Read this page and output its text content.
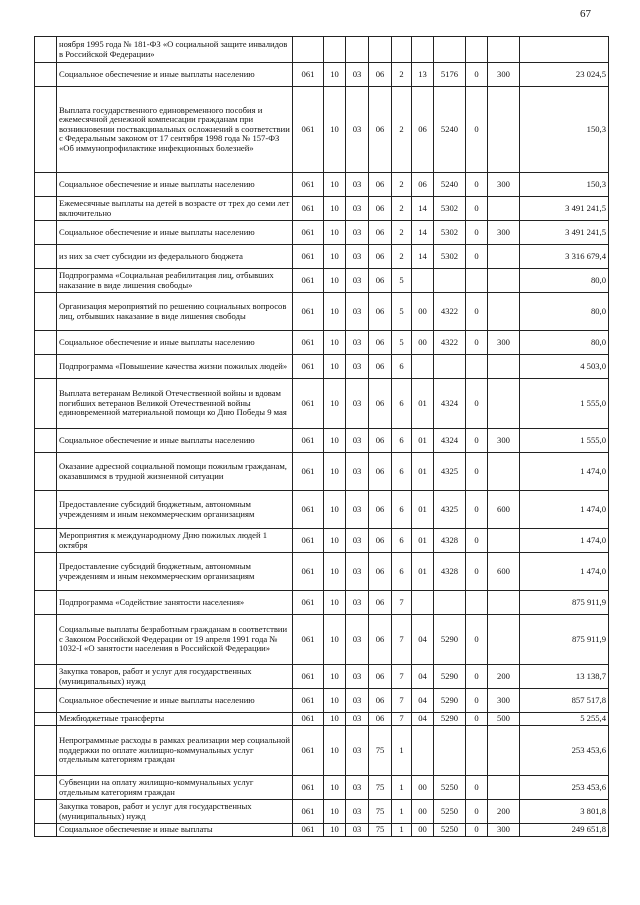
67
	ноября 1995 года № 181-ФЗ «О социальной защите инвалидов в Российской Федерации»										
	Социальное обеспечение и иные выплаты населению	061	10	03	06	2	13	5176	0	300	23 024,5
	Выплата государственного единовременного пособия и ежемесячной денежной компенсации гражданам при возникновении поствакцинальных осложнений в соответствии с Федеральным законом от 17 сентября 1998 года № 157-ФЗ «Об иммунопрофилактике инфекционных болезней»	061	10	03	06	2	06	5240	0		150,3
	Социальное обеспечение и иные выплаты населению	061	10	03	06	2	06	5240	0	300	150,3
	Ежемесячные выплаты на детей в возрасте от трех до семи лет включительно	061	10	03	06	2	14	5302	0		3 491 241,5
	Социальное обеспечение и иные выплаты населению	061	10	03	06	2	14	5302	0	300	3 491 241,5
	из них за счет субсидии из федерального бюджета	061	10	03	06	2	14	5302	0		3 316 679,4
	Подпрограмма «Социальная реабилитация лиц, отбывших наказание в виде лишения свободы»	061	10	03	06	5					80,0
	Организация мероприятий по решению социальных вопросов лиц, отбывших наказание в виде лишения свободы	061	10	03	06	5	00	4322	0		80,0
	Социальное обеспечение и иные выплаты населению	061	10	03	06	5	00	4322	0	300	80,0
	Подпрограмма «Повышение качества жизни пожилых людей»	061	10	03	06	6					4 503,0
	Выплата ветеранам Великой Отечественной войны и вдовам погибших ветеранов Великой Отечественной войны единовременной материальной помощи ко Дню Победы 9 мая	061	10	03	06	6	01	4324	0		1 555,0
	Социальное обеспечение и иные выплаты населению	061	10	03	06	6	01	4324	0	300	1 555,0
	Оказание адресной социальной помощи пожилым гражданам, оказавшимся в трудной жизненной ситуации	061	10	03	06	6	01	4325	0		1 474,0
	Предоставление субсидий бюджетным, автономным учреждениям и иным некоммерческим организациям	061	10	03	06	6	01	4325	0	600	1 474,0
	Мероприятия к международному Дню пожилых людей 1 октября	061	10	03	06	6	01	4328	0		1 474,0
	Предоставление субсидий бюджетным, автономным учреждениям и иным некоммерческим организациям	061	10	03	06	6	01	4328	0	600	1 474,0
	Подпрограмма «Содействие занятости населения»	061	10	03	06	7					875 911,9
	Социальные выплаты безработным гражданам в соответствии с Законом Российской Федерации от 19 апреля 1991 года № 1032-I «О занятости населения в Российской Федерации»	061	10	03	06	7	04	5290	0		875 911,9
	Закупка товаров, работ и услуг для государственных (муниципальных) нужд	061	10	03	06	7	04	5290	0	200	13 138,7
	Социальное обеспечение и иные выплаты населению	061	10	03	06	7	04	5290	0	300	857 517,8
	Межбюджетные трансферты	061	10	03	06	7	04	5290	0	500	5 255,4
	Непрограммные расходы в рамках реализации мер социальной поддержки по оплате жилищно-коммунальных услуг отдельным категориям граждан	061	10	03	75	1					253 453,6
	Субвенции на оплату жилищно-коммунальных услуг отдельным категориям граждан	061	10	03	75	1	00	5250	0		253 453,6
	Закупка товаров, работ и услуг для государственных (муниципальных) нужд	061	10	03	75	1	00	5250	0	200	3 801,8
	Социальное обеспечение и иные выплаты	061	10	03	75	1	00	5250	0	300	249 651,8
